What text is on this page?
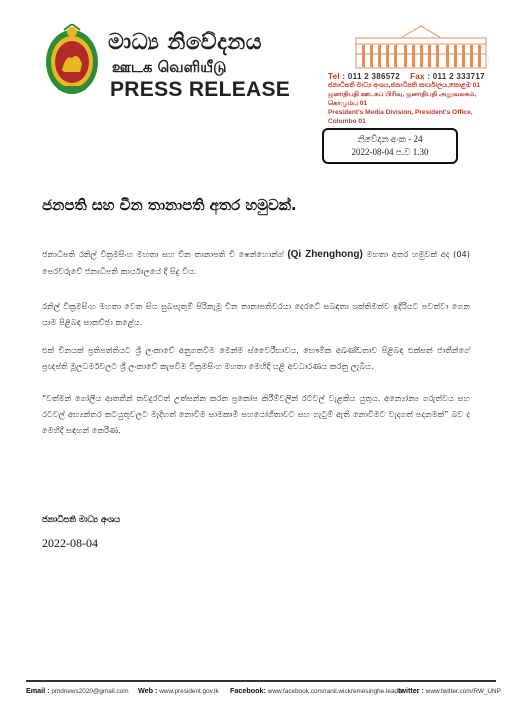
මාධ්‍ය නිවේදනය
ஊடக வெளியீடு
PRESS RELEASE
Tel : 011 2 386572 Fax : 011 2 333717
ජනාධිපති මාධ්‍ය අංශය,ජනාධිපති කාර්යාලය,කොළඹ 01
ஜனாதிபதி ஊடகப் பிரிவு, ஜனாதிபதி அலுவலகம், கொழும்பு 01
President's Media Division, President's Office, Colombo 01
නිවේදන අංක - 24
2022-08-04 ප.ව 1.30
ජනපති සහ චීන තානාපති අතර හමුවක්.
ජනාධිපති රනිල් වික්‍රමසිංහ මහතා සහ චීන තානාපති චී ෂෙන්හොන්ග් (Qi Zhenghong) මහතා අතර හමුවක් අද (04) පෙරවරුවේ ජනාධිපති කාර්යාලයේ දී සිදු විය.
රනිල් වික්‍රමසිංහ මහතා වෙත සිය සුබපැතුම් පිරිනැමූ චීන තානාපතිවරයා දෙරටේ සබඳතා ශක්තිමත්ව ඉදිරියට පවත්වා ගෙන යාම පිළිබඳ සාකච්ඡා කළේය.
එක් චීනයක් ප්‍රතිපත්තියට ශ්‍රී ලංකාවේ අනුගතවීම මෙන්ම ස්වෛරීභාවය, භෞමික අඛණ්ඩතාව පිළිබඳ එක්සත් ජාතීන්ගේ ප්‍රඥප්ති මූලධර්මවලට ශ්‍රී ලංකාවේ කැපවීම වික්‍රමසිංහ මහතා මෙහිදී යළි අවධාරණය කරනු ලැබීය.
“වත්මන් ගෝලීය ආතතීන් තවදුරටත් උත්සන්න කරන ප්‍රකෝප කිරීම්වලින් රටවල් වැළකිය යුතුය. අන්‍යෝන්‍ය ගරුත්වය සහ රටවල් අභ්‍යන්තර කටයුතුවලට මැදිහත් නොවීම සාමකාමී සහයෝගීතාවට සහ ගැටුම් ඇති නොවීමට වැදගත් පදනමක්” බව ද මෙහිදී සඳහන් කෙරිණ.
ජනාධිපති මාධ්‍ය අංශය
2022-08-04
Email : pmdnews2020@gmail.com Web : www.president.gov.lk Facebook: www.facebook.com/ranil.wickremesinghe.leader
twitter : www.twitter.com/RW_UNP
